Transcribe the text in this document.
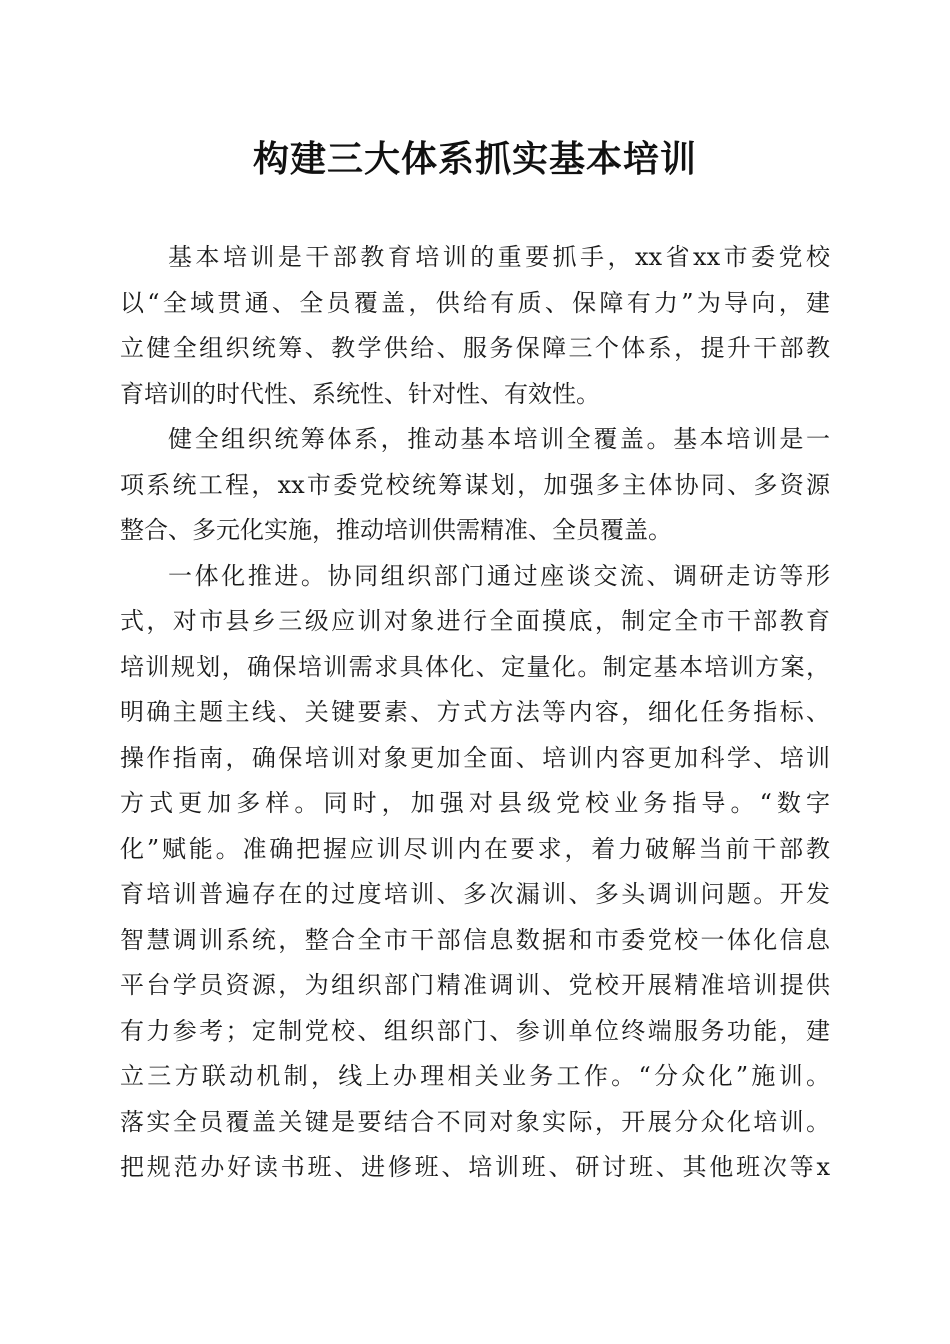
构建三大体系抓实基本培训
基本培训是干部教育培训的重要抓手，xx省xx市委党校
以“全域贯通、全员覆盖，供给有质、保障有力”为导向，建
立健全组织统筹、教学供给、服务保障三个体系，提升干部教
育培训的时代性、系统性、针对性、有效性。
健全组织统筹体系，推动基本培训全覆盖。基本培训是一
项系统工程，xx市委党校统筹谋划，加强多主体协同、多资源
整合、多元化实施，推动培训供需精准、全员覆盖。
一体化推进。协同组织部门通过座谈交流、调研走访等形
式，对市县乡三级应训对象进行全面摸底，制定全市干部教育
培训规划，确保培训需求具体化、定量化。制定基本培训方案，
明确主题主线、关键要素、方式方法等内容，细化任务指标、
操作指南，确保培训对象更加全面、培训内容更加科学、培训
方式更加多样。同时，加强对县级党校业务指导。“数字
化”赋能。准确把握应训尽训内在要求，着力破解当前干部教
育培训普遍存在的过度培训、多次漏训、多头调训问题。开发
智慧调训系统，整合全市干部信息数据和市委党校一体化信息
平台学员资源，为组织部门精准调训、党校开展精准培训提供
有力参考；定制党校、组织部门、参训单位终端服务功能，建
立三方联动机制，线上办理相关业务工作。“分众化”施训。
落实全员覆盖关键是要结合不同对象实际，开展分众化培训。
把规范办好读书班、进修班、培训班、研讨班、其他班次等x
